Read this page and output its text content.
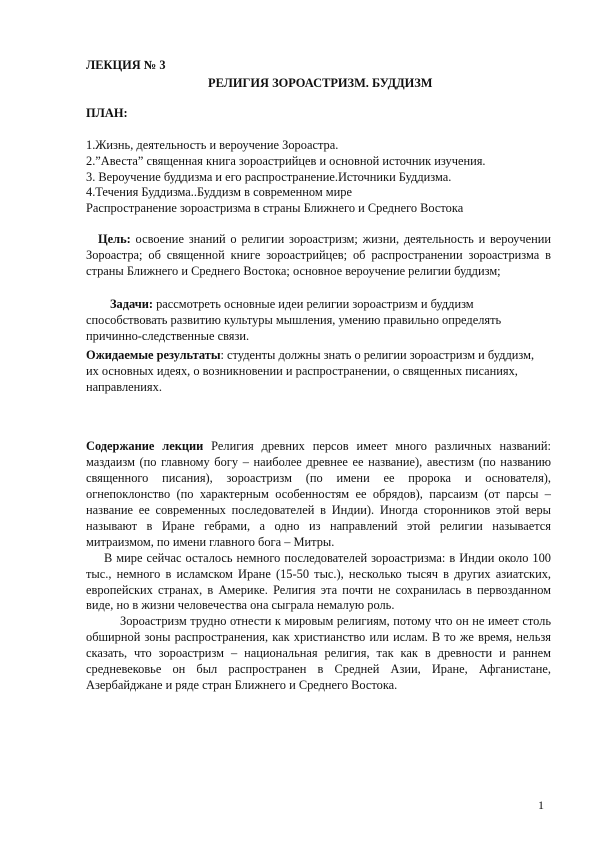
ЛЕКЦИЯ № 3

РЕЛИГИЯ ЗОРОАСТРИЗМ. БУДДИЗМ

ПЛАН:

1.Жизнь, деятельность и вероучение Зороастра.
2.”Авеста” священная книга зороастрийцев и основной источник изучения.
3. Вероучение буддизма и его распространение.Источники Буддизма.
4.Течения Буддизма..Буддизм в современном мире
Распространение зороастризма в страны Ближнего и Среднего Востока

Цель: освоение знаний о религии зороастризм; жизни, деятельность и вероучении Зороастра; об священной книге зороастрийцев; об распространении зороастризма в страны Ближнего и Среднего Востока; основное вероучение религии буддизм;

Задачи: рассмотреть основные идеи религии зороастризм и буддизм способствовать развитию культуры мышления, умению правильно определять причинно-следственные связи.

Ожидаемые результаты: студенты должны знать о религии зороастризм и буддизм, их основных идеях, о возникновении и распространении, о священных писаниях, направлениях.

Содержание лекции Религия древних персов имеет много различных названий: маздаизм (по главному богу – наиболее древнее ее название), авестизм (по названию священного писания), зороастризм (по имени ее пророка и основателя), огнепоклонство (по характерным особенностям ее обрядов), парсаизм (от парсы – название ее современных последователей в Индии). Иногда сторонников этой веры называют в Иране гебрами, а одно из направлений этой религии называется митраизмом, по имени главного бога – Митры.

В мире сейчас осталось немного последователей зороастризма: в Индии около 100 тыс., немного в исламском Иране (15-50 тыс.), несколько тысяч в других азиатских, европейских странах, в Америке. Религия эта почти не сохранилась в первозданном виде, но в жизни человечества она сыграла немалую роль.

Зороастризм трудно отнести к мировым религиям, потому что он не имеет столь обширной зоны распространения, как христианство или ислам. В то же время, нельзя сказать, что зороастризм – национальная религия, так как в древности и раннем средневековье он был распространен в Средней Азии, Иране, Афганистане, Азербайджане и ряде стран Ближнего и Среднего Востока.

1
